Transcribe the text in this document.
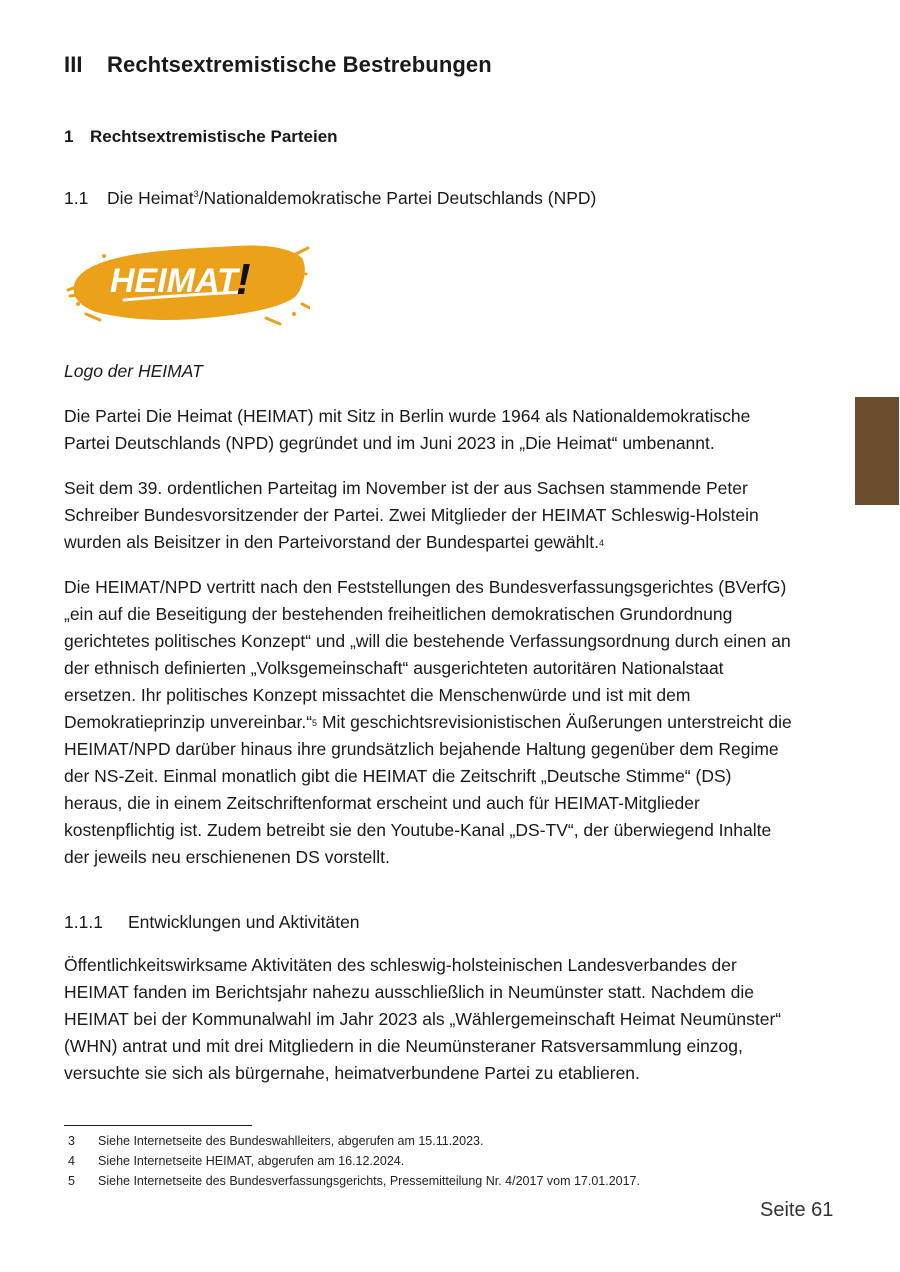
III Rechtsextremistische Bestrebungen
1 Rechtsextremistische Parteien
1.1 Die Heimat$^3$/Nationaldemokratische Partei Deutschlands (NPD)
HEIMAT
!
Logo der HEIMAT

Die Partei Die Heimat (HEIMAT) mit Sitz in Berlin wurde 1964 als Nationaldemokratische Partei Deutschlands (NPD) gegründet und im Juni 2023 in „Die Heimat“ umbenannt.

Seit dem 39. ordentlichen Parteitag im November ist der aus Sachsen stammende Peter Schreiber Bundesvorsitzender der Partei. Zwei Mitglieder der HEIMAT Schleswig-Holstein wurden als Beisitzer in den Parteivorstand der Bundespartei gewählt.$^4$

Die HEIMAT/NPD vertritt nach den Feststellungen des Bundesverfassungsgerichtes (BVerfG) „ein auf die Beseitigung der bestehenden freiheitlichen demokratischen Grundordnung gerichtetes politisches Konzept“ und „will die bestehende Verfassungsordnung durch einen an der ethnisch definierten „Volksgemeinschaft“ ausgerichteten autoritären Nationalstaat ersetzen. Ihr politisches Konzept missachtet die Menschenwürde und ist mit dem Demokratieprinzip unvereinbar.“$^5$ Mit geschichtsrevisionistischen Äußerungen unterstreicht die HEIMAT/NPD darüber hinaus ihre grundsätzlich bejahende Haltung gegenüber dem Regime der NS-Zeit. Einmal monatlich gibt die HEIMAT die Zeitschrift „Deutsche Stimme“ (DS) heraus, die in einem Zeitschriftenformat erscheint und auch für HEIMAT-Mitglieder kostenpflichtig ist. Zudem betreibt sie den Youtube-Kanal „DS-TV“, der überwiegend Inhalte der jeweils neu erschienenen DS vorstellt.

1.1.1 Entwicklungen und Aktivitäten

Öffentlichkeitswirksame Aktivitäten des schleswig-holsteinischen Landesverbandes der HEIMAT fanden im Berichtsjahr nahezu ausschließlich in Neumünster statt. Nachdem die HEIMAT bei der Kommunalwahl im Jahr 2023 als „Wählergemeinschaft Heimat Neumünster“ (WHN) antrat und mit drei Mitgliedern in die Neumünsteraner Ratsversammlung einzog, versuchte sie sich als bürgernahe, heimatverbundene Partei zu etablieren.

3 Siehe Internetseite des Bundeswahlleiters, abgerufen am 15.11.2023.
4 Siehe Internetseite HEIMAT, abgerufen am 16.12.2024.
5 Siehe Internetseite des Bundesverfassungsgerichts, Pressemitteilung Nr. 4/2017 vom 17.01.2017.
Seite 61
